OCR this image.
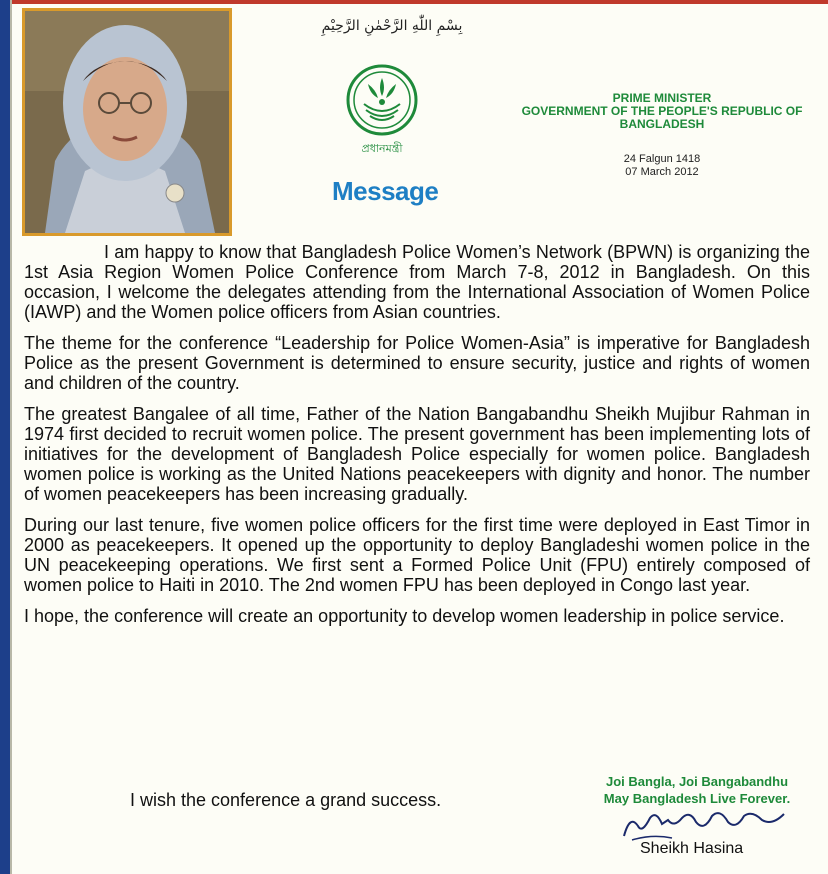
بِسْمِ اللّٰهِ الرَّحْمٰنِ الرَّحِيْمِ
প্রধানমন্ত্রী
Message
PRIME MINISTER
GOVERNMENT OF THE PEOPLE'S REPUBLIC OF
BANGLADESH
24 Falgun 1418
07 March 2012

I am happy to know that Bangladesh Police Women’s Network (BPWN) is organizing the 1st Asia Region Women Police Conference from March 7-8, 2012 in Bangladesh. On this occasion, I welcome the delegates attending from the International Association of Women Police (IAWP) and the Women police officers from Asian countries.

The theme for the conference “Leadership for Police Women-Asia” is imperative for Bangladesh Police as the present Government is determined to ensure security, justice and rights of women and children of the country.

The greatest Bangalee of all time, Father of the Nation Bangabandhu Sheikh Mujibur Rahman in 1974 first decided to recruit women police. The present government has been implementing lots of initiatives for the development of Bangladesh Police especially for women police. Bangladesh women police is working as the United Nations peacekeepers with dignity and honor. The number of women peacekeepers has been increasing gradually.

During our last tenure, five women police officers for the first time were deployed in East Timor in 2000 as peacekeepers. It opened up the opportunity to deploy Bangladeshi women police in the UN peacekeeping operations. We first sent a Formed Police Unit (FPU) entirely composed of women police to Haiti in 2010. The 2nd women FPU has been deployed in Congo last year.

I hope, the conference will create an opportunity to develop women leadership in police service.

I wish the conference a grand success.
Joi Bangla, Joi Bangabandhu
May Bangladesh Live Forever.
Sheikh Hasina
